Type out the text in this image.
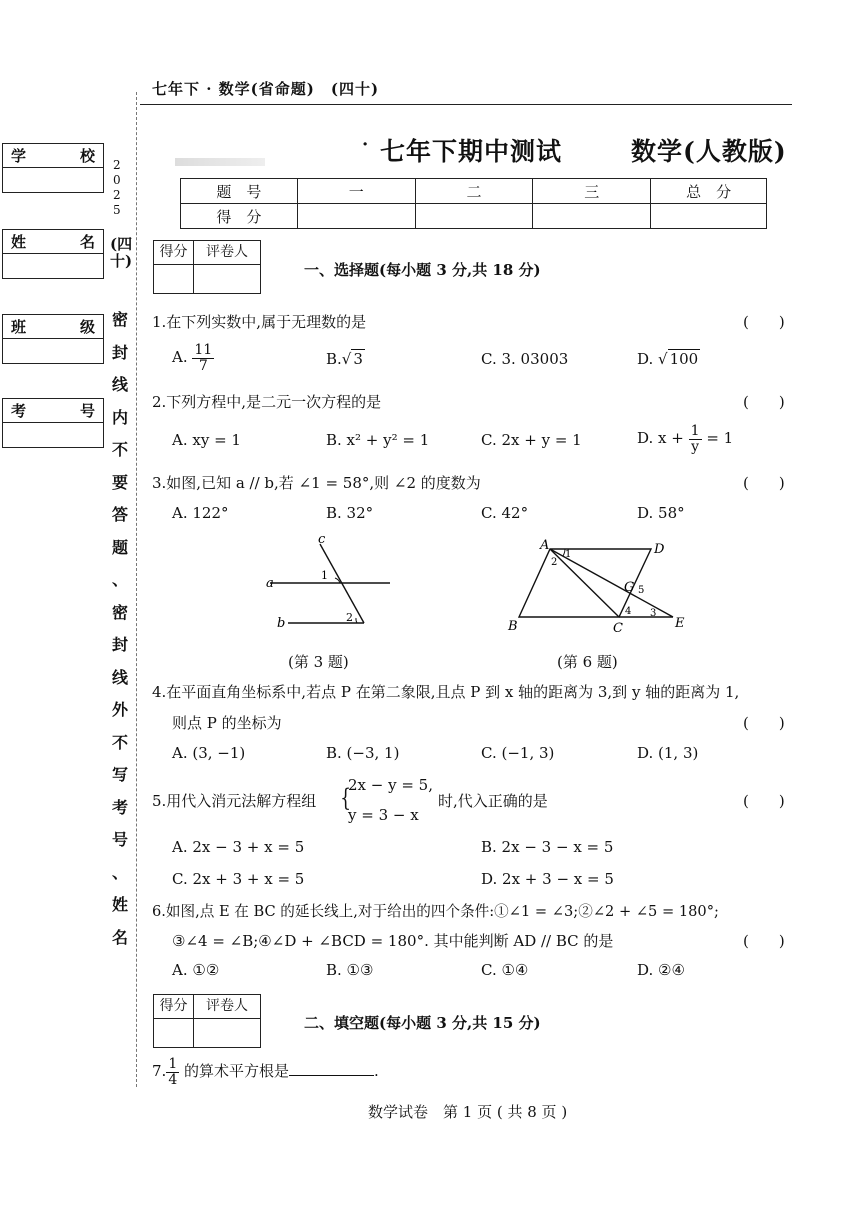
七年下 · 数学(省命题)　(四十)
学	校
姓	名
班	级
考	号
2
0
2
5
(四十)
密
封
线
内
不
要
答
题
、
密
封
线
外
不
写
考
号
、
姓
名
· 七年下期中测试	数学(人教版)
题　号	一	二	三	总　分
得　分				
得分	评卷人
一、选择题(每小题 3 分,共 18 分)
1.在下列实数中,属于无理数的是	(　　)
A. $\frac{11}{7}$	B.√ 3	C. 3. 03003	D. √ 100
2.下列方程中,是二元一次方程的是	(　　)
A. xy = 1	B. x² + y² = 1	C. 2x + y = 1	D. $x + \frac{1}{y} = 1$
3.如图,已知 a // b,若 ∠1 = 58°,则 ∠2 的度数为	(　　)
A. 122°	B. 32°	C. 42°	D. 58°
c
a
b
1
2
(第 3 题)
A	D
B	C	E
G
1
2
3
4
5
(第 6 题)
4.在平面直角坐标系中,若点 P 在第二象限,且点 P 到 x 轴的距离为 3,到 y 轴的距离为 1,
则点 P 的坐标为	(　　)
A. (3, −1)	B. (−3, 1)	C. (−1, 3)	D. (1, 3)
5.用代入消元法解方程组 {
2x − y = 5,
y = 3 − x
时,代入正确的是	(　　)
A. 2x − 3 + x = 5	B. 2x − 3 − x = 5
C. 2x + 3 + x = 5	D. 2x + 3 − x = 5
6.如图,点 E 在 BC 的延长线上,对于给出的四个条件:①∠1 = ∠3;②∠2 + ∠5 = 180°;
③∠4 = ∠B;④∠D + ∠BCD = 180°. 其中能判断 AD // BC 的是	(　　)
A. ①②	B. ①③	C. ①④	D. ②④
得分	评卷人
二、填空题(每小题 3 分,共 15 分)
7. $\frac{1}{4}$ 的算术平方根是	.
数学试卷　第 1 页 ( 共 8 页 )
